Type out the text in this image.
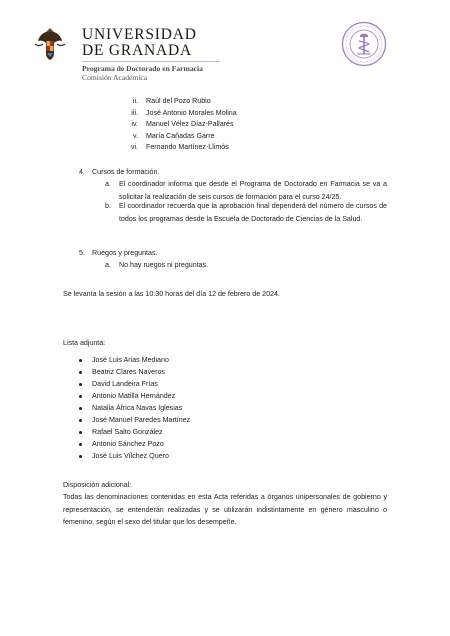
UNIVERSIDAD
DE GRANADA
Programa de Doctorado en Farmacia
Comisión Académica
ii. Raúl del Pozo Rubio
iii. José Antonio Morales Molina
iv. Manuel Vélez Díaz-Pallarés
v. María Cañadas Garre
vi. Fernando Martínez-Llimós
4. Cursos de formación.
a. El coordinador informa que desde el Programa de Doctorado en Farmacia se va a solicitar la realización de seis cursos de formación para el curso 24/25.
b. El coordinador recuerda que la aprobación final dependerá del número de cursos de todos los programas desde la Escuela de Doctorado de Ciencias de la Salud.
5. Ruegos y preguntas.
a. No hay ruegos ni preguntas.
Se levanta la sesión a las 10:30 horas del día 12 de febrero de 2024.
Lista adjunta:
José Luis Arias Mediano
Beatriz Clares Naveros
David Landeira Frías
Antonio Matilla Hernández
Natalia África Navas Iglesias
José Manuel Paredes Martínez
Rafael Salto González
Antonio Sánchez Pozo
José Luis Vílchez Quero
Disposición adicional:
Todas las denominaciones contenidas en esta Acta referidas a órganos unipersonales de gobierno y representación, se entenderán realizadas y se utilizarán indistintamente en género masculino o femenino, según el sexo del titular que los desempeñe.
